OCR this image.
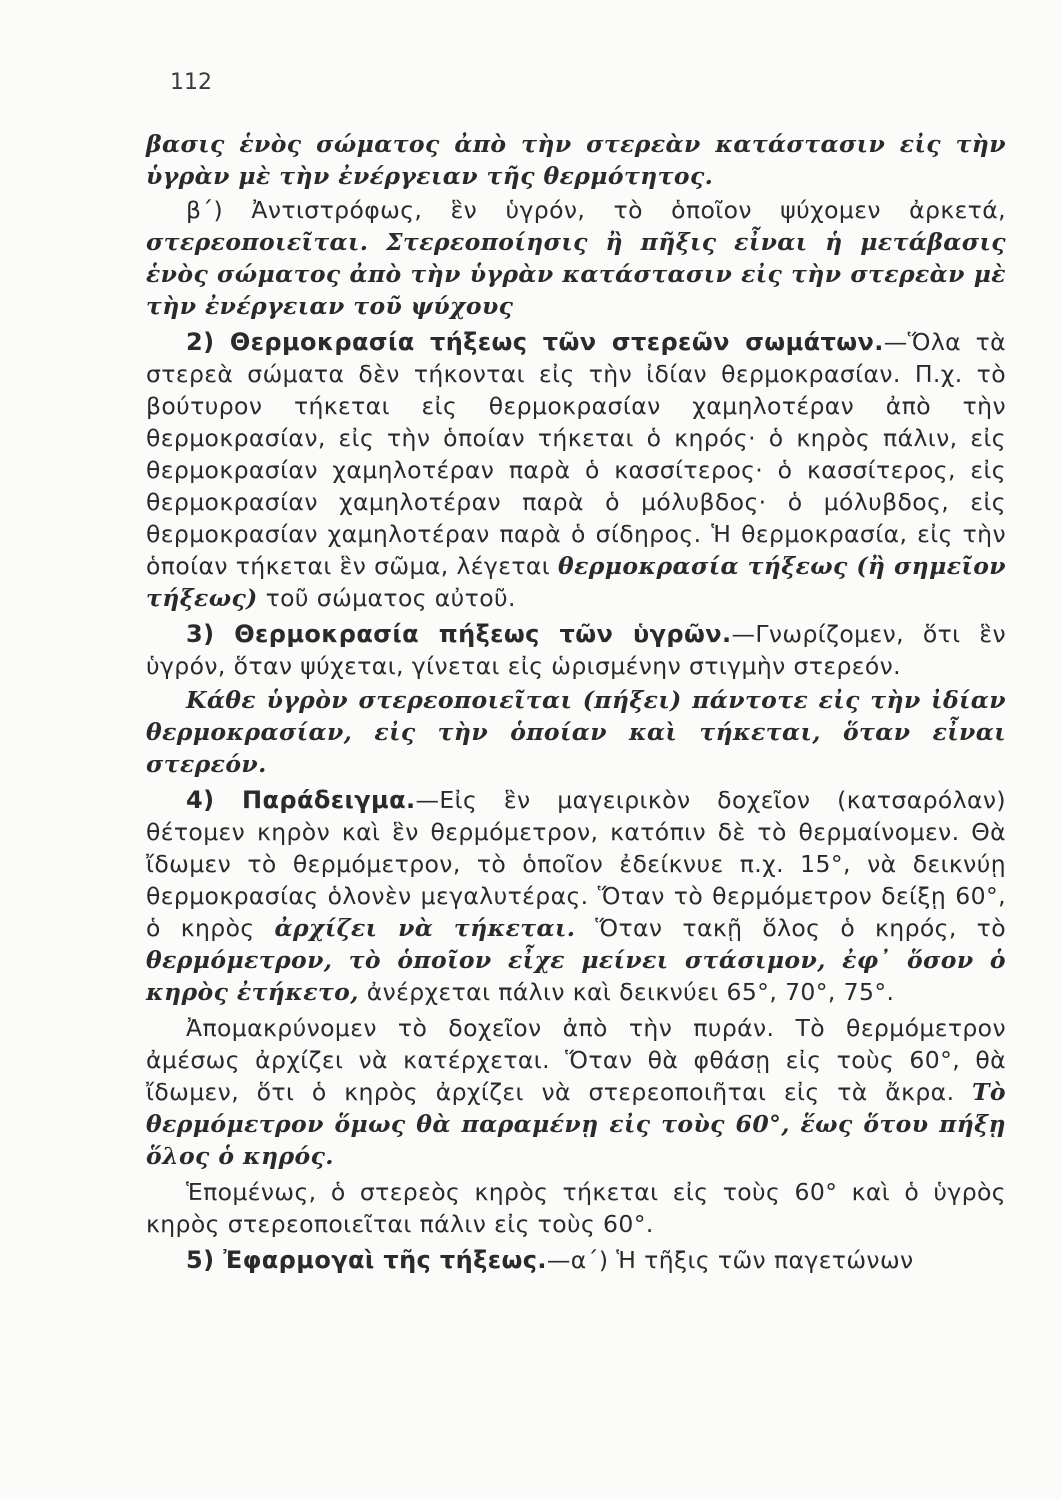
112

βασις ἑνὸς σώματος ἀπὸ τὴν στερεὰν κατάστασιν εἰς τὴν ὑγρὰν μὲ τὴν ἐνέργειαν τῆς θερμότητος.

β΄) Ἀντιστρόφως, ἓν ὑγρόν, τὸ ὁποῖον ψύχομεν ἀρκετά, στερεοποιεῖται. Στερεοποίησις ἢ πῆξις εἶναι ἡ μετάβασις ἑνὸς σώματος ἀπὸ τὴν ὑγρὰν κατάστασιν εἰς τὴν στερεὰν μὲ τὴν ἐνέργειαν τοῦ ψύχους

2) Θερμοκρασία τήξεως τῶν στερεῶν σωμάτων.—Ὅλα τὰ στερεὰ σώματα δὲν τήκονται εἰς τὴν ἰδίαν θερμοκρασίαν. Π.χ. τὸ βούτυρον τήκεται εἰς θερμοκρασίαν χαμηλοτέραν ἀπὸ τὴν θερμοκρασίαν, εἰς τὴν ὁποίαν τήκεται ὁ κηρός· ὁ κηρὸς πάλιν, εἰς θερμοκρασίαν χαμηλοτέραν παρὰ ὁ κασσίτερος· ὁ κασσίτερος, εἰς θερμοκρασίαν χαμηλοτέραν παρὰ ὁ μόλυβδος· ὁ μόλυβδος, εἰς θερμοκρασίαν χαμηλοτέραν παρὰ ὁ σίδηρος. Ἡ θερμοκρασία, εἰς τὴν ὁποίαν τήκεται ἓν σῶμα, λέγεται θερμοκρασία τήξεως (ἢ σημεῖον τήξεως) τοῦ σώματος αὐτοῦ.

3) Θερμοκρασία πήξεως τῶν ὑγρῶν.—Γνωρίζομεν, ὅτι ἓν ὑγρόν, ὅταν ψύχεται, γίνεται εἰς ὡρισμένην στιγμὴν στερεόν.

Κάθε ὑγρὸν στερεοποιεῖται (πήξει) πάντοτε εἰς τὴν ἰδίαν θερμοκρασίαν, εἰς τὴν ὁποίαν καὶ τήκεται, ὅταν εἶναι στερεόν.

4) Παράδειγμα.—Εἰς ἓν μαγειρικὸν δοχεῖον (κατσαρόλαν) θέτομεν κηρὸν καὶ ἓν θερμόμετρον, κατόπιν δὲ τὸ θερμαίνομεν. Θὰ ἴδωμεν τὸ θερμόμετρον, τὸ ὁποῖον ἐδείκνυε π.χ. 15°, νὰ δεικνύῃ θερμοκρασίας ὁλονὲν μεγαλυτέρας. Ὅταν τὸ θερμόμετρον δείξῃ 60°, ὁ κηρὸς ἀρχίζει νὰ τήκεται. Ὅταν τακῇ ὅλος ὁ κηρός, τὸ θερμόμετρον, τὸ ὁποῖον εἶχε μείνει στάσιμον, ἐφ᾽ ὅσον ὁ κηρὸς ἐτήκετο, ἀνέρχεται πάλιν καὶ δεικνύει 65°, 70°, 75°.

Ἀπομακρύνομεν τὸ δοχεῖον ἀπὸ τὴν πυράν. Τὸ θερμόμετρον ἀμέσως ἀρχίζει νὰ κατέρχεται. Ὅταν θὰ φθάσῃ εἰς τοὺς 60°, θὰ ἴδωμεν, ὅτι ὁ κηρὸς ἀρχίζει νὰ στερεοποιῆται εἰς τὰ ἄκρα. Τὸ θερμόμετρον ὅμως θὰ παραμένῃ εἰς τοὺς 60°, ἕως ὅτου πήξῃ ὅλος ὁ κηρός.

Ἑπομένως, ὁ στερεὸς κηρὸς τήκεται εἰς τοὺς 60° καὶ ὁ ὑγρὸς κηρὸς στερεοποιεῖται πάλιν εἰς τοὺς 60°.

5) Ἐφαρμογαὶ τῆς τήξεως.—α΄) Ἡ τῆξις τῶν παγετώνων
